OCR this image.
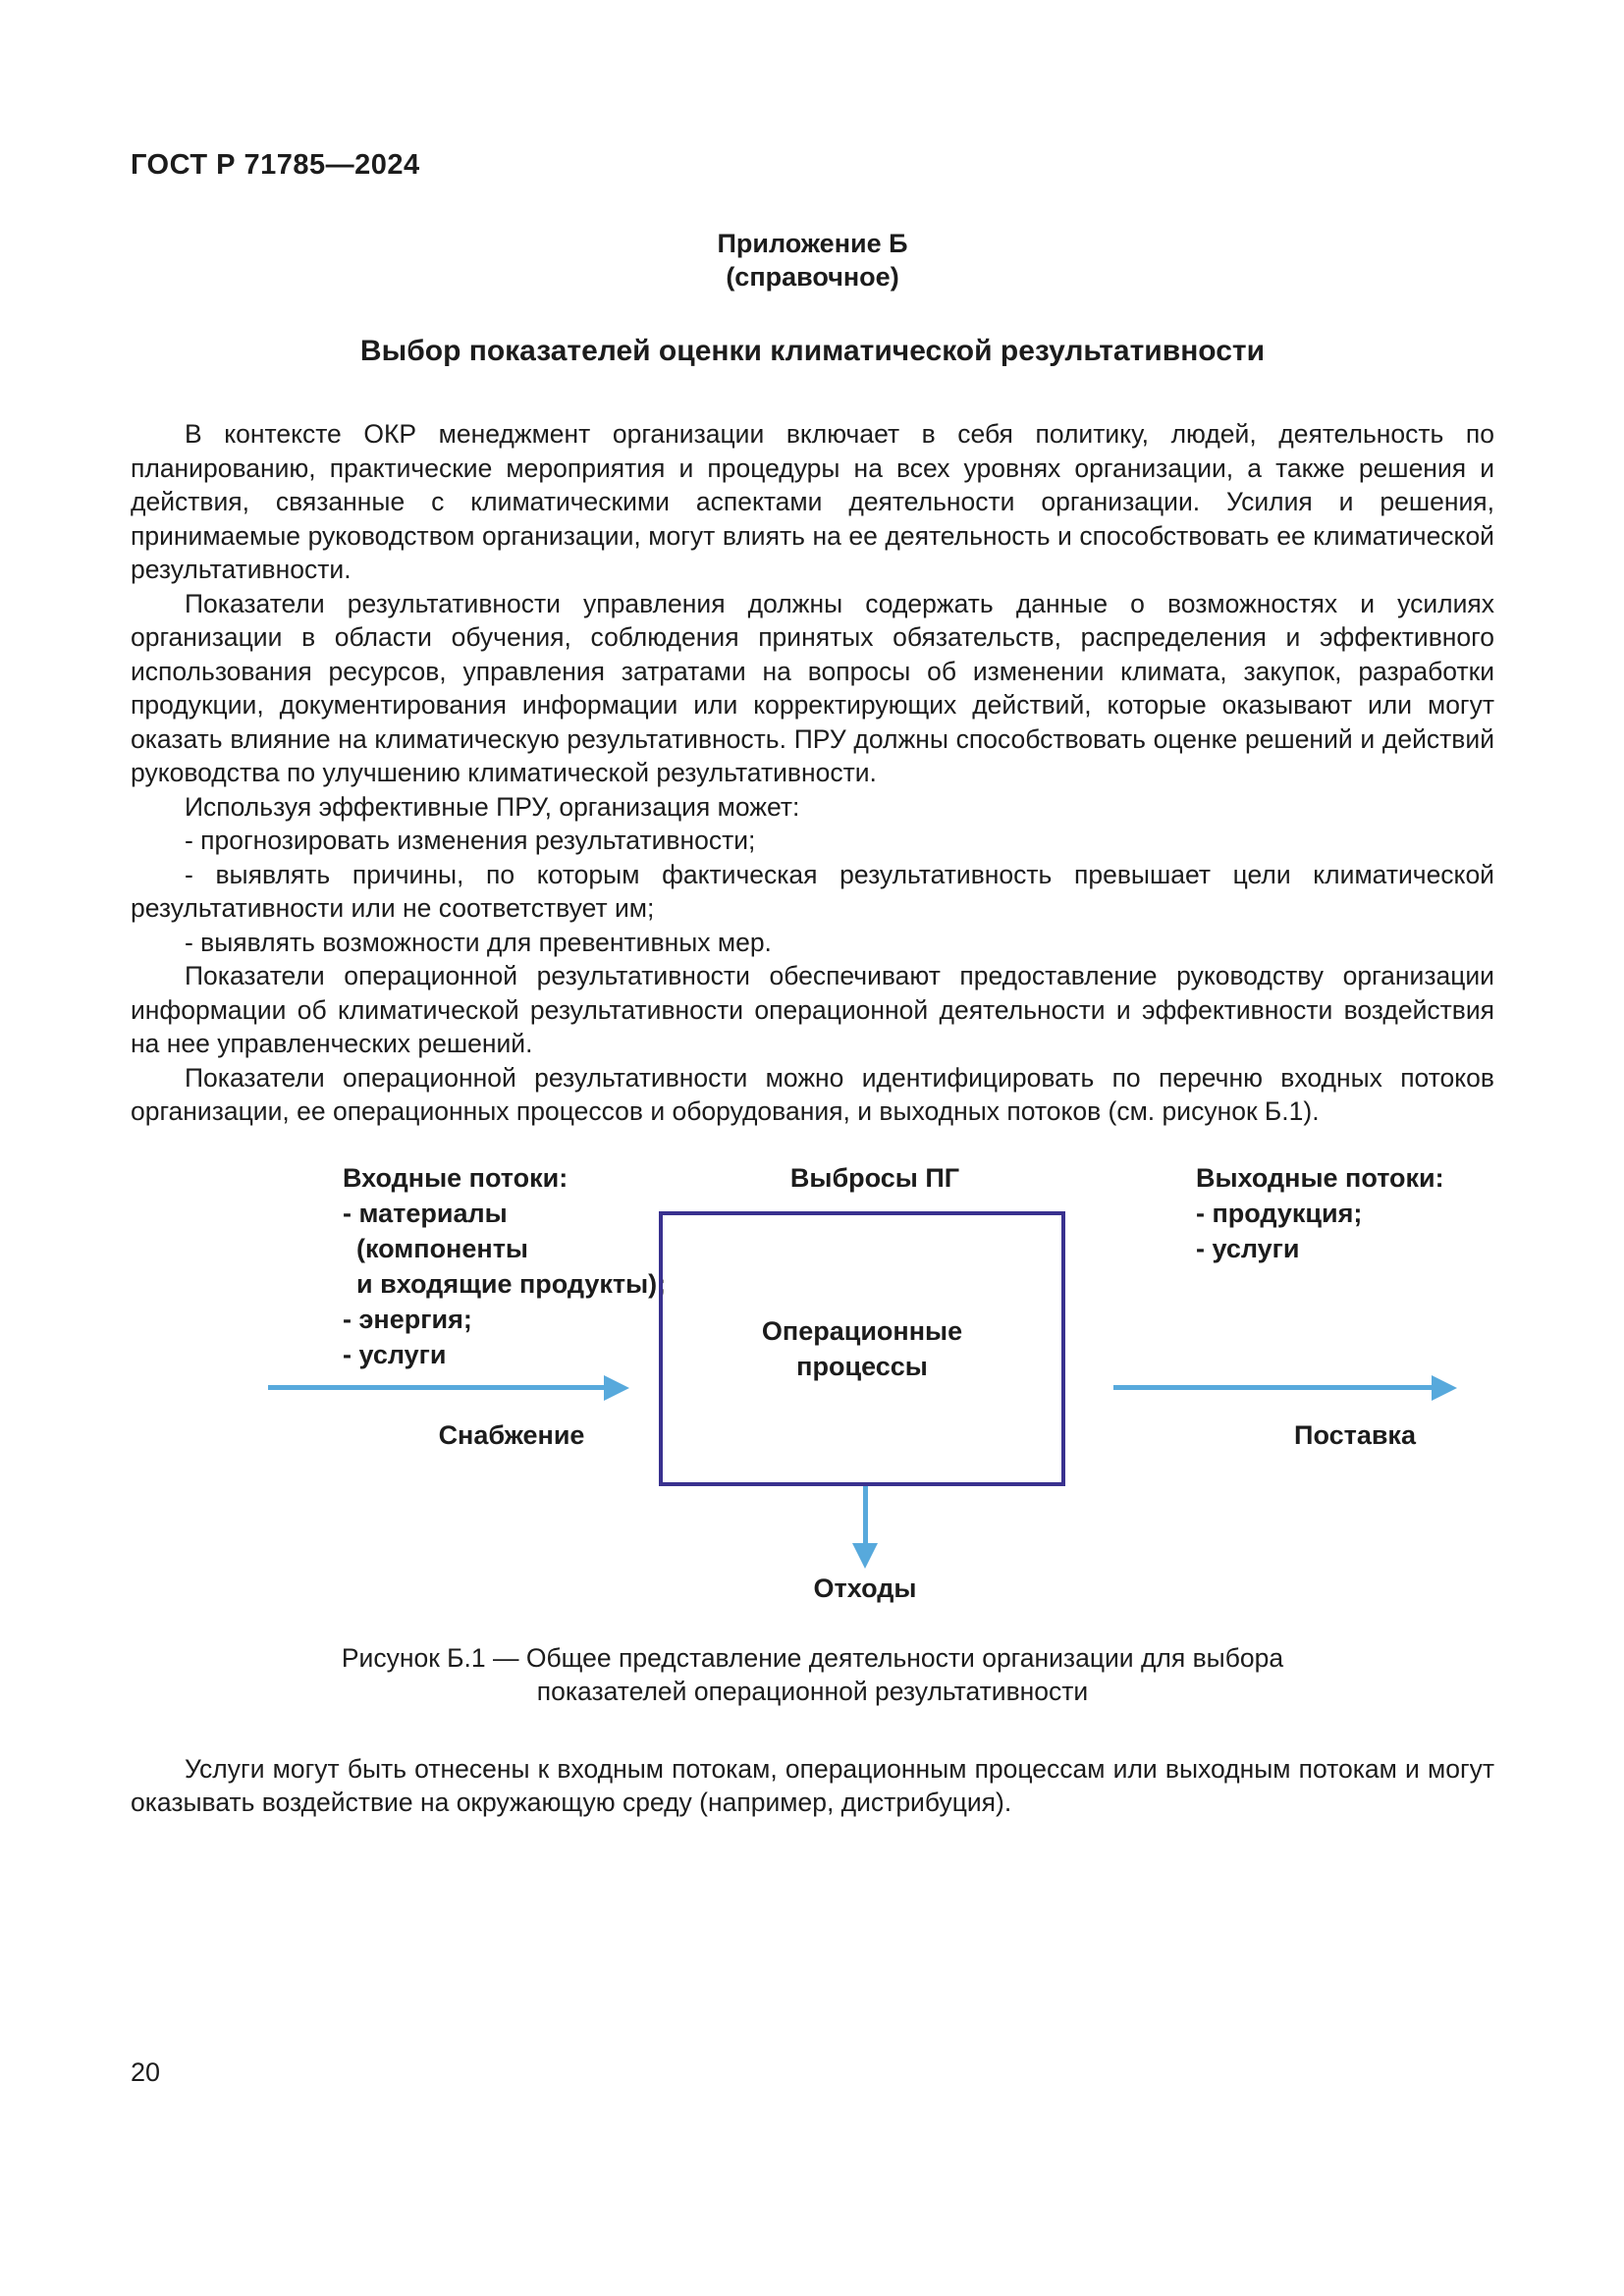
ГОСТ Р 71785—2024
Приложение Б
(справочное)
Выбор показателей оценки климатической результативности

В контексте ОКР менеджмент организации включает в себя политику, людей, деятельность по планированию, практические мероприятия и процедуры на всех уровнях организации, а также решения и действия, связанные с климатическими аспектами деятельности организации. Усилия и решения, принимаемые руководством организации, могут влиять на ее деятельность и способствовать ее климатической результативности.

Показатели результативности управления должны содержать данные о возможностях и усилиях организации в области обучения, соблюдения принятых обязательств, распределения и эффективного использования ресурсов, управления затратами на вопросы об изменении климата, закупок, разработки продукции, документирования информации или корректирующих действий, которые оказывают или могут оказать влияние на климатическую результативность. ПРУ должны способствовать оценке решений и действий руководства по улучшению климатической результативности.

Используя эффективные ПРУ, организация может:

- прогнозировать изменения результативности;

- выявлять причины, по которым фактическая результативность превышает цели климатической результативности или не соответствует им;

- выявлять возможности для превентивных мер.

Показатели операционной результативности обеспечивают предоставление руководству организации информации об климатической результативности операционной деятельности и эффективности воздействия на нее управленческих решений.

Показатели операционной результативности можно идентифицировать по перечню входных потоков организации, ее операционных процессов и оборудования, и выходных потоков (см. рисунок Б.1).

Входные потоки:
- материалы
(компоненты
и входящие продукты);
- энергия;
- услуги
Выбросы ПГ	Выходные потоки:
- продукция;
- услуги
Операционные процессы
Снабжение	Поставка
Отходы
Рисунок Б.1 — Общее представление деятельности организации для выбора показателей операционной результативности

Услуги могут быть отнесены к входным потокам, операционным процессам или выходным потокам и могут оказывать воздействие на окружающую среду (например, дистрибуция).

20
